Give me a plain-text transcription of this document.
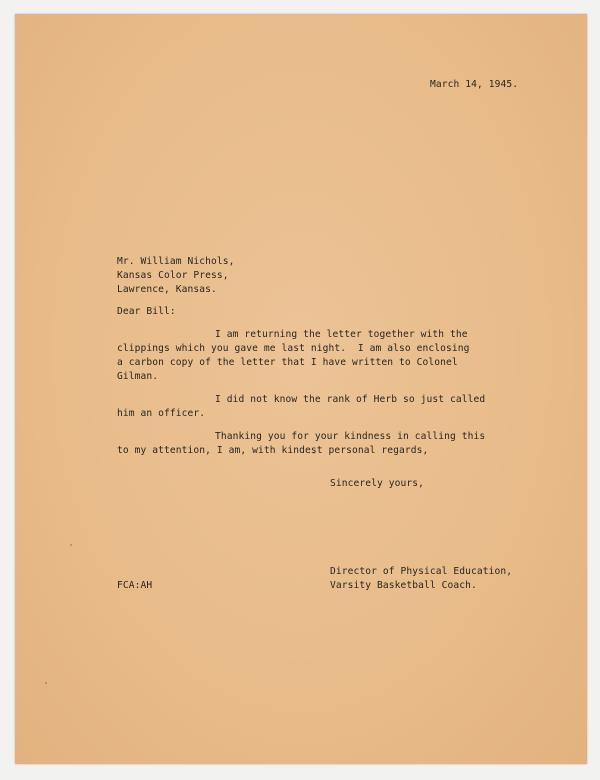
March 14, 1945.
Mr. William Nichols,
Kansas Color Press,
Lawrence, Kansas.
Dear Bill:
I am returning the letter together with the
clippings which you gave me last night.  I am also enclosing
a carbon copy of the letter that I have written to Colonel
Gilman.
I did not know the rank of Herb so just called
him an officer.
Thanking you for your kindness in calling this
to my attention, I am, with kindest personal regards,
Sincerely yours,
Director of Physical Education,
Varsity Basketball Coach.
FCA:AH
